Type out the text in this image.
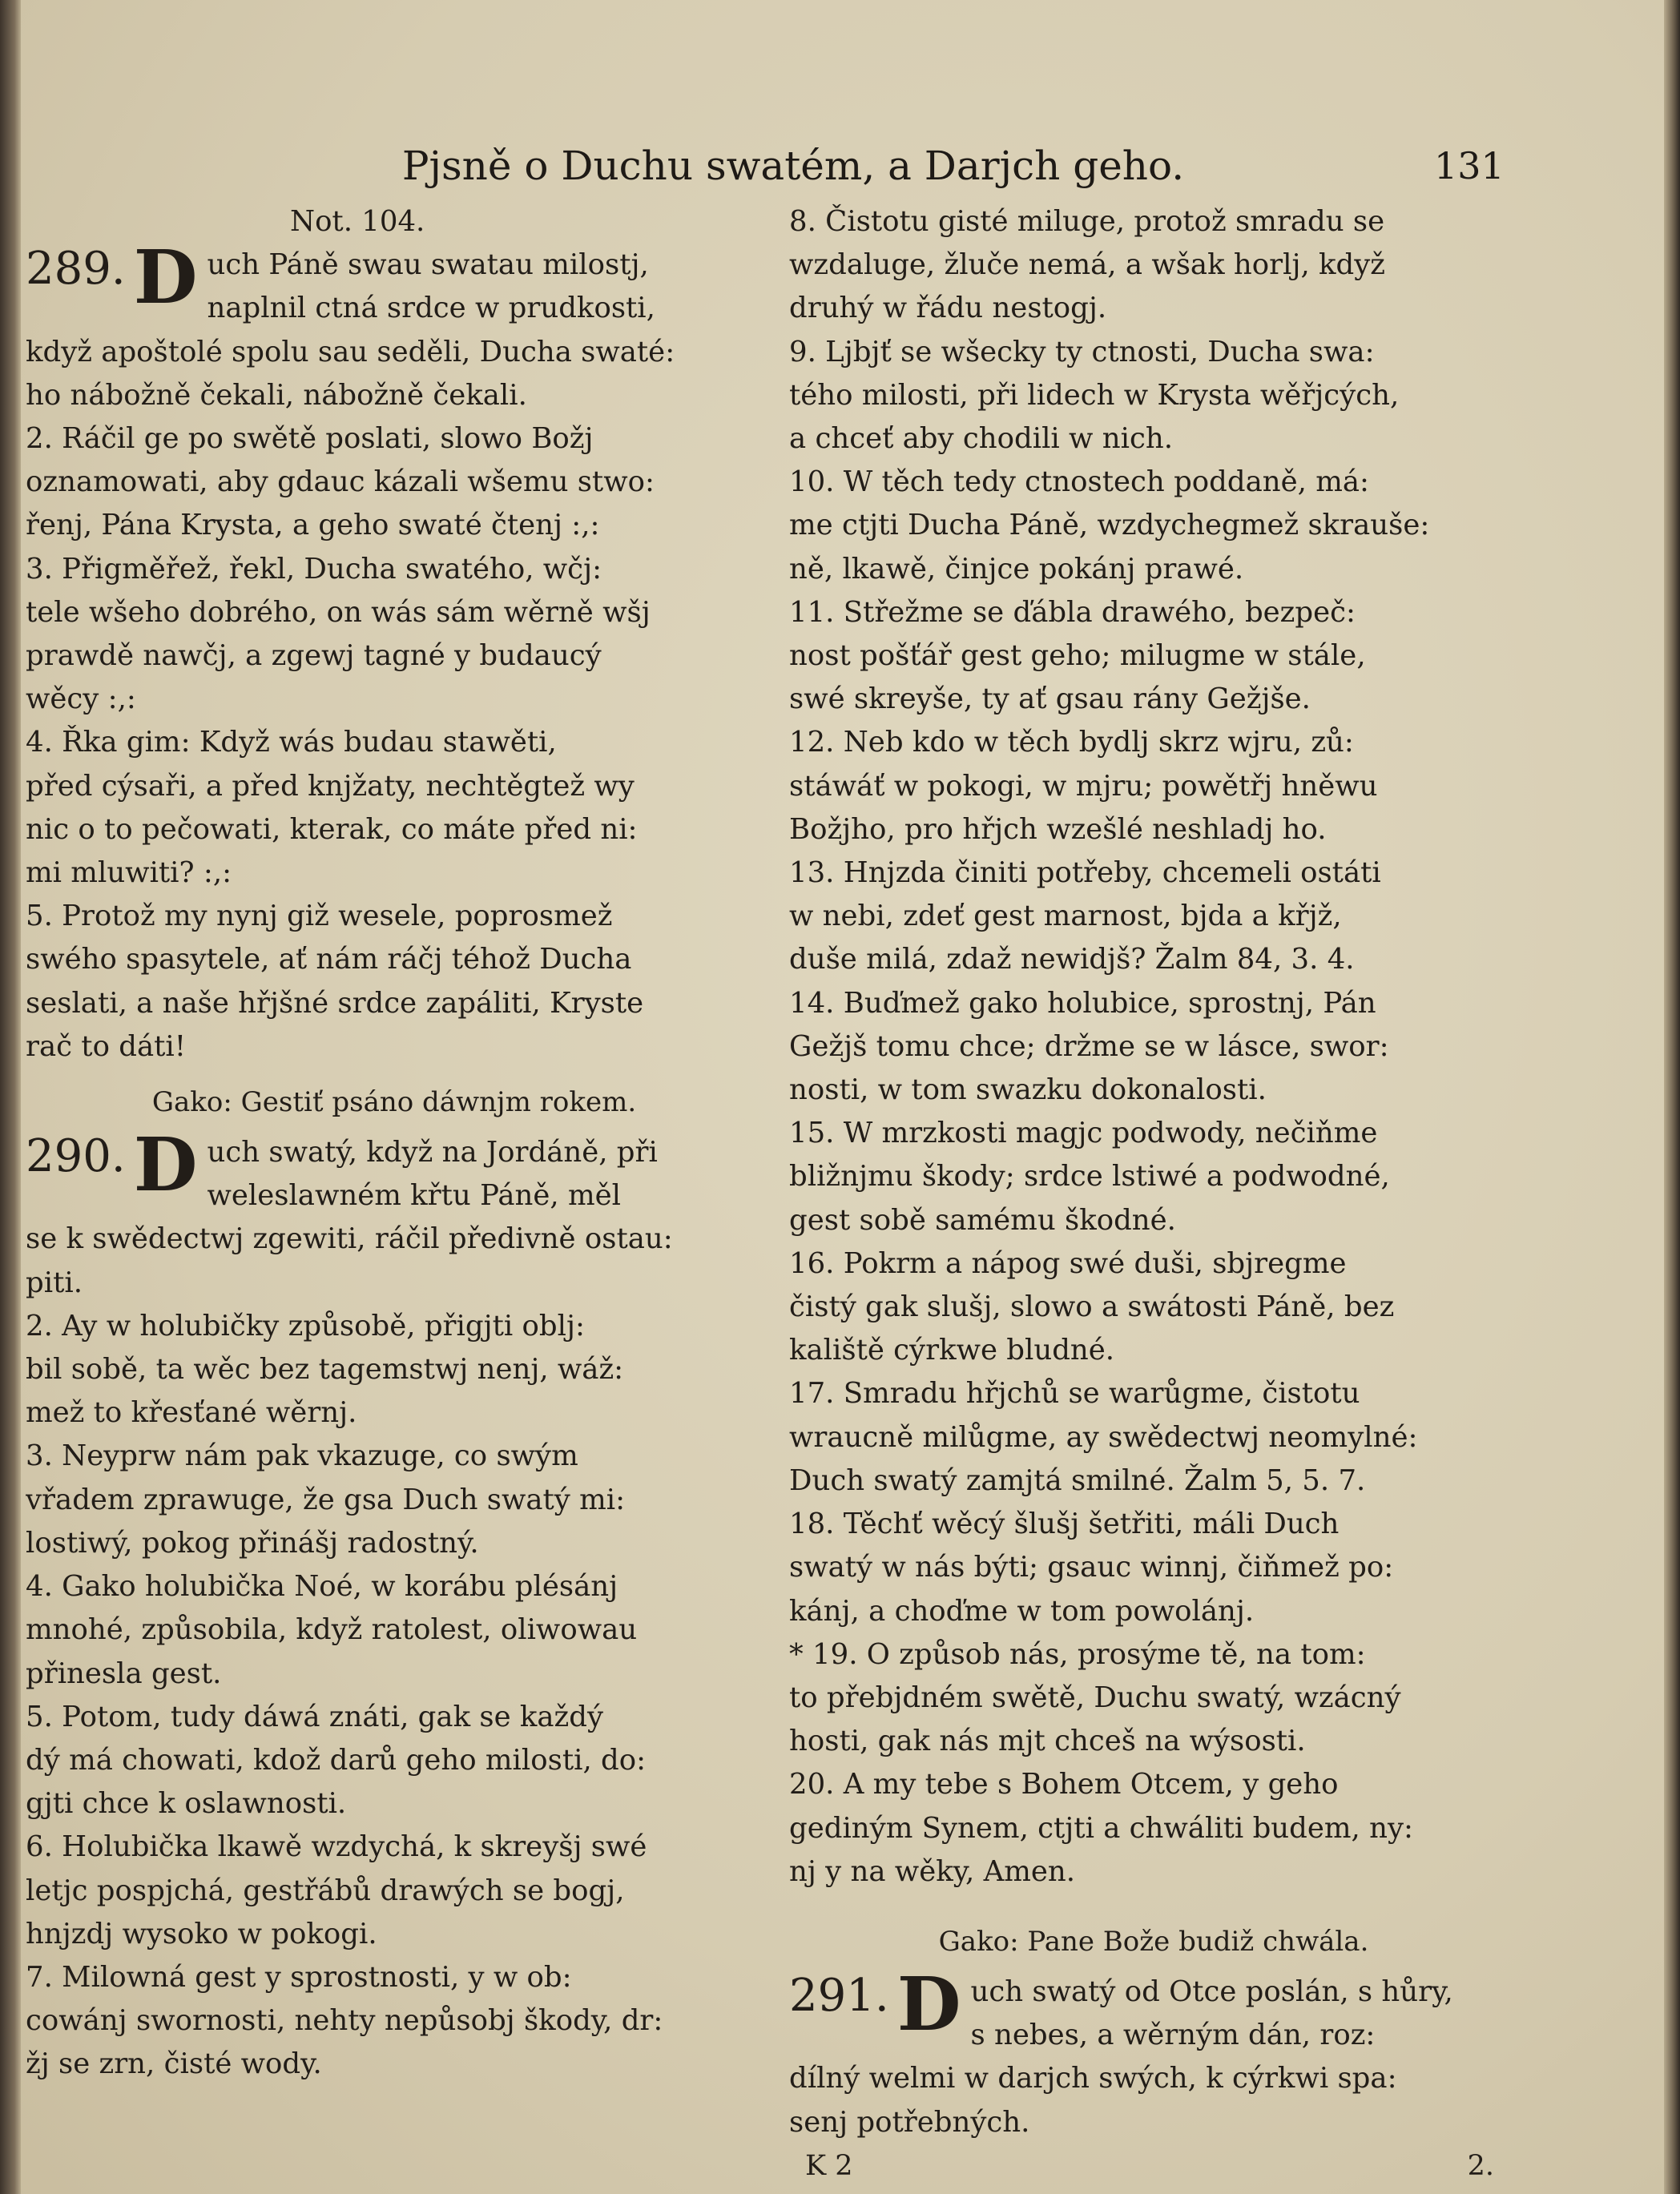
Pjsně o Duchu swatém, a Darjch geho.	131
Not. 104.
289. D uch Páně swau swatau milostj,
naplnil ctná srdce w prudkosti,
když apoštolé spolu sau seděli, Ducha swaté:
ho nábožně čekali, nábožně čekali.
2. Ráčil ge po swětě poslati, slowo Božj
oznamowati, aby gdauc kázali wšemu stwo:
řenj, Pána Krysta, a geho swaté čtenj :,:
3. Přigměřež, řekl, Ducha swatého, wčj:
tele wšeho dobrého, on wás sám wěrně wšj
prawdě nawčj, a zgewj tagné y budaucý
wěcy :,:
4. Řka gim: Když wás budau stawěti,
před cýsaři, a před knjžaty, nechtěgtež wy
nic o to pečowati, kterak, co máte před ni:
mi mluwiti? :,:
5. Protož my nynj giž wesele, poprosmež
swého spasytele, ať nám ráčj téhož Ducha
seslati, a naše hřjšné srdce zapáliti, Kryste
rač to dáti!
Gako: Gestiť psáno dáwnjm rokem.
290. D uch swatý, když na Jordáně, při
weleslawném křtu Páně, měl
se k swědectwj zgewiti, ráčil předivně ostau:
piti.
2. Ay w holubičky způsobě, přigjti oblj:
bil sobě, ta wěc bez tagemstwj nenj, wáž:
mež to křesťané wěrnj.
3. Neyprw nám pak vkazuge, co swým
vřadem zprawuge, že gsa Duch swatý mi:
lostiwý, pokog přinášj radostný.
4. Gako holubička Noé, w korábu plésánj
mnohé, způsobila, když ratolest, oliwowau
přinesla gest.
5. Potom, tudy dáwá znáti, gak se každý
dý má chowati, kdož darů geho milosti, do:
gjti chce k oslawnosti.
6. Holubička lkawě wzdychá, k skreyšj swé
letjc pospjchá, gestřábů drawých se bogj,
hnjzdj wysoko w pokogi.
7. Milowná gest y sprostnosti, y w ob:
cowánj swornosti, nehty nepůsobj škody, dr:
žj se zrn, čisté wody.
8. Čistotu gisté miluge, protož smradu se
wzdaluge, žluče nemá, a wšak horlj, když
druhý w řádu nestogj.
9. Ljbjť se wšecky ty ctnosti, Ducha swa:
tého milosti, při lidech w Krysta wěřjcých,
a chceť aby chodili w nich.
10. W těch tedy ctnostech poddaně, má:
me ctjti Ducha Páně, wzdychegmež skrauše:
ně, lkawě, činjce pokánj prawé.
11. Střežme se ďábla drawého, bezpeč:
nost pošťář gest geho; milugme w stále,
swé skreyše, ty ať gsau rány Gežjše.
12. Neb kdo w těch bydlj skrz wjru, zů:
stáwáť w pokogi, w mjru; powětřj hněwu
Božjho, pro hřjch wzešlé neshladj ho.
13. Hnjzda činiti potřeby, chcemeli ostáti
w nebi, zdeť gest marnost, bjda a křjž,
duše milá, zdaž newidjš? Žalm 84, 3. 4.
14. Buďmež gako holubice, sprostnj, Pán
Gežjš tomu chce; držme se w lásce, swor:
nosti, w tom swazku dokonalosti.
15. W mrzkosti magjc podwody, nečiňme
bližnjmu škody; srdce lstiwé a podwodné,
gest sobě samému škodné.
16. Pokrm a nápog swé duši, sbjregme
čistý gak slušj, slowo a swátosti Páně, bez
kaliště cýrkwe bludné.
17. Smradu hřjchů se warůgme, čistotu
wraucně milůgme, ay swědectwj neomylné:
Duch swatý zamjtá smilné. Žalm 5, 5. 7.
18. Těchť wěcý šlušj šetřiti, máli Duch
swatý w nás býti; gsauc winnj, čiňmež po:
kánj, a choďme w tom powolánj.
* 19. O způsob nás, prosýme tě, na tom:
to přebjdném swětě, Duchu swatý, wzácný
hosti, gak nás mjt chceš na wýsosti.
20. A my tebe s Bohem Otcem, y geho
gediným Synem, ctjti a chwáliti budem, ny:
nj y na wěky, Amen.
Gako: Pane Bože budiž chwála.
291. D uch swatý od Otce poslán, s hůry,
s nebes, a wěrným dán, roz:
dílný welmi w darjch swých, k cýrkwi spa:
senj potřebných.
K 2	2.
